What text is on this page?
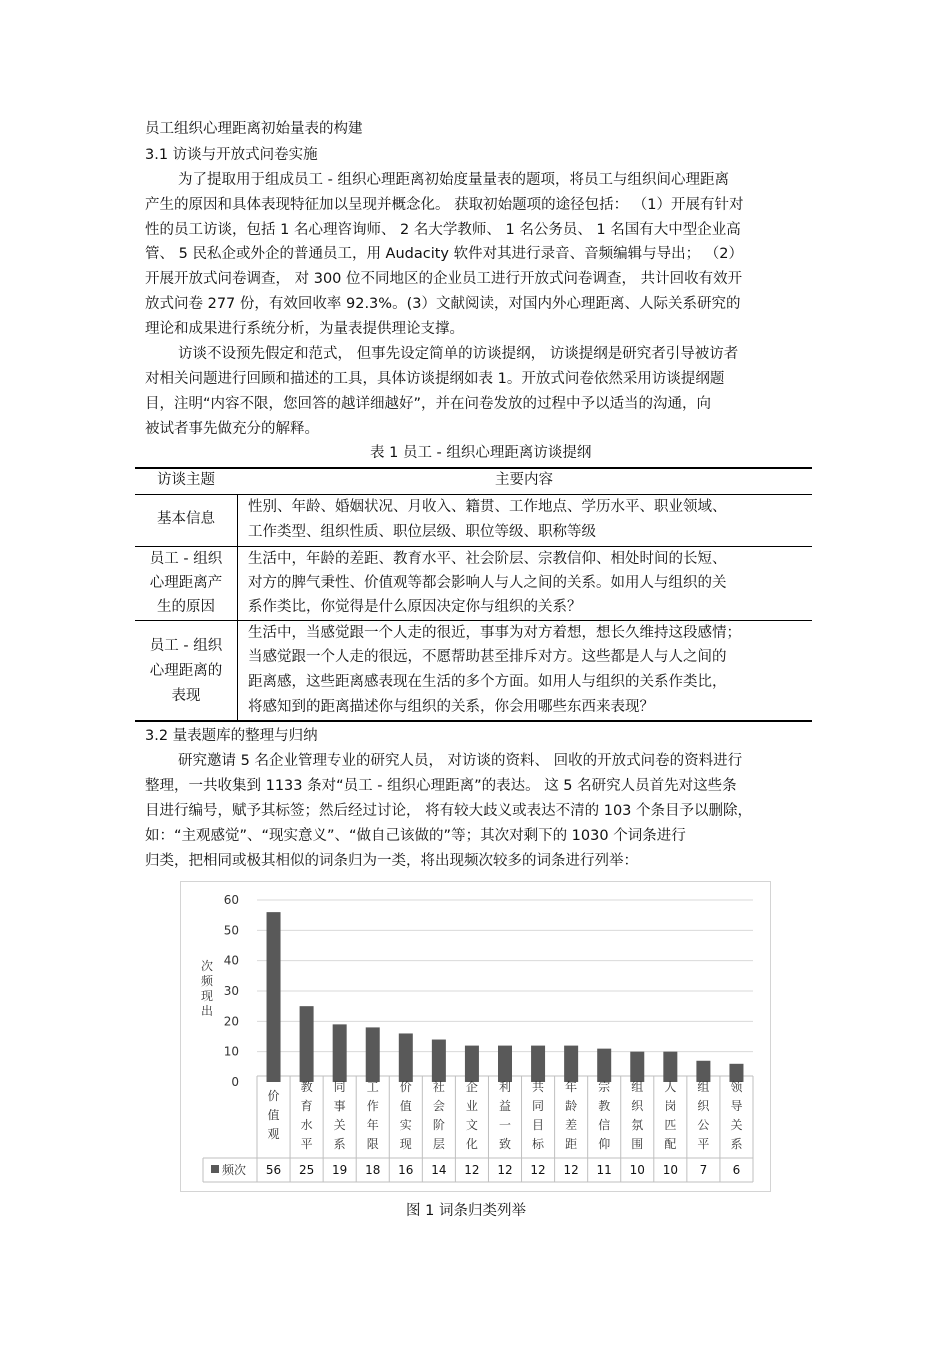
员工组织心理距离初始量表的构建
3.1 访谈与开放式问卷实施
为了提取用于组成员工 - 组织心理距离初始度量量表的题项，将员工与组织间心理距离
产生的原因和具体表现特征加以呈现并概念化。 获取初始题项的途径包括： （1）开展有针对
性的员工访谈，包括 1 名心理咨询师、 2 名大学教师、 1 名公务员、 1 名国有大中型企业高
管、 5 民私企或外企的普通员工，用 Audacity 软件对其进行录音、音频编辑与导出； （2）
开展开放式问卷调查， 对 300 位不同地区的企业员工进行开放式问卷调查， 共计回收有效开
放式问卷 277 份，有效回收率 92.3%。(3）文献阅读，对国内外心理距离、人际关系研究的
理论和成果进行系统分析，为量表提供理论支撑。
访谈不设预先假定和范式， 但事先设定简单的访谈提纲， 访谈提纲是研究者引导被访者
对相关问题进行回顾和描述的工具，具体访谈提纲如表 1。开放式问卷依然采用访谈提纲题
目，注明“内容不限，您回答的越详细越好”，并在问卷发放的过程中予以适当的沟通，向
被试者事先做充分的解释。
表 1 员工 - 组织心理距离访谈提纲
访谈主题	主要内容
基本信息
性别、年龄、婚姻状况、月收入、籍贯、工作地点、学历水平、职业领域、
工作类型、组织性质、职位层级、职位等级、职称等级
员工 - 组织
心理距离产
生的原因
生活中，年龄的差距、教育水平、社会阶层、宗教信仰、相处时间的长短、
对方的脾气秉性、价值观等都会影响人与人之间的关系。如用人与组织的关
系作类比，你觉得是什么原因决定你与组织的关系？
员工 - 组织
心理距离的
表现
生活中，当感觉跟一个人走的很近，事事为对方着想，想长久维持这段感情；
当感觉跟一个人走的很远，不愿帮助甚至排斥对方。这些都是人与人之间的
距离感，这些距离感表现在生活的多个方面。如用人与组织的关系作类比，
将感知到的距离描述你与组织的关系，你会用哪些东西来表现？
3.2 量表题库的整理与归纳
研究邀请 5 名企业管理专业的研究人员， 对访谈的资料、 回收的开放式问卷的资料进行
整理，一共收集到 1133 条对“员工 - 组织心理距离”的表达。 这 5 名研究人员首先对这些条
目进行编号，赋予其标签；然后经过讨论， 将有较大歧义或表达不清的 103 个条目予以删除，
如：“主观感觉”、“现实意义”、“做自己该做的”等；其次对剩下的 1030 个词条进行
归类，把相同或极其相似的词条归为一类，将出现频次较多的词条进行列举：
0
10
20
30
40
50
60
次
频
现
出
频次
价
值
观
56
教
育
水
平
25
同
事
关
系
19
工
作
年
限
18
价
值
实
现
16
社
会
阶
层
14
企
业
文
化
12
利
益
一
致
12
共
同
目
标
12
年
龄
差
距
12
宗
教
信
仰
11
组
织
氛
围
10
人
岗
匹
配
10
组
织
公
平
7
领
导
关
系
6
图 1 词条归类列举
